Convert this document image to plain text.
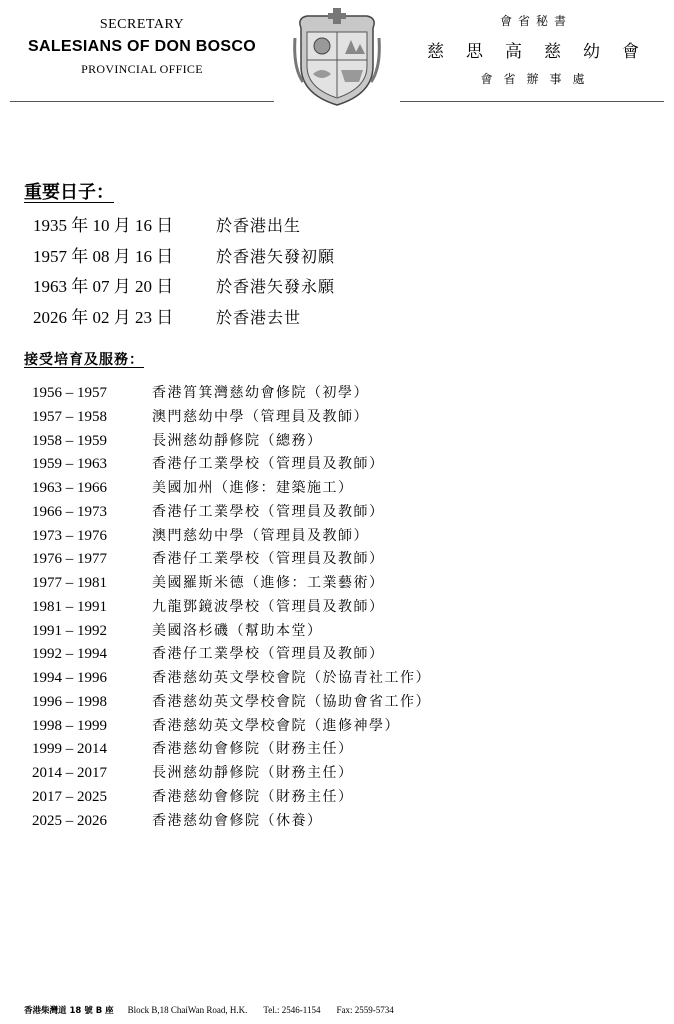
SECRETARY
SALESIANS OF DON BOSCO
PROVINCIAL OFFICE
會省秘書
慈思高慈幼會
會省辦事處
重要日子：
1935 年 10 月 16 日	於香港出生
1957 年 08 月 16 日	於香港矢發初願
1963 年 07 月 20 日	於香港矢發永願
2026 年 02 月 23 日	於香港去世
接受培育及服務：
1956 – 1957	香港筲箕灣慈幼會修院（初學）
1957 – 1958	澳門慈幼中學（管理員及教師）
1958 – 1959	長洲慈幼靜修院（總務）
1959 – 1963	香港仔工業學校（管理員及教師）
1963 – 1966	美國加州（進修：建築施工）
1966 – 1973	香港仔工業學校（管理員及教師）
1973 – 1976	澳門慈幼中學（管理員及教師）
1976 – 1977	香港仔工業學校（管理員及教師）
1977 – 1981	美國羅斯米德（進修：工業藝術）
1981 – 1991	九龍鄧鏡波學校（管理員及教師）
1991 – 1992	美國洛杉磯（幫助本堂）
1992 – 1994	香港仔工業學校（管理員及教師）
1994 – 1996	香港慈幼英文學校會院（於協青社工作）
1996 – 1998	香港慈幼英文學校會院（協助會省工作）
1998 – 1999	香港慈幼英文學校會院（進修神學）
1999 – 2014	香港慈幼會修院（財務主任）
2014 – 2017	長洲慈幼靜修院（財務主任）
2017 – 2025	香港慈幼會修院（財務主任）
2025 – 2026	香港慈幼會修院（休養）
香港柴灣道 18 號 B 座 Block B,18 ChaiWan Road, H.K. Tel.: 2546-1154 Fax: 2559-5734
